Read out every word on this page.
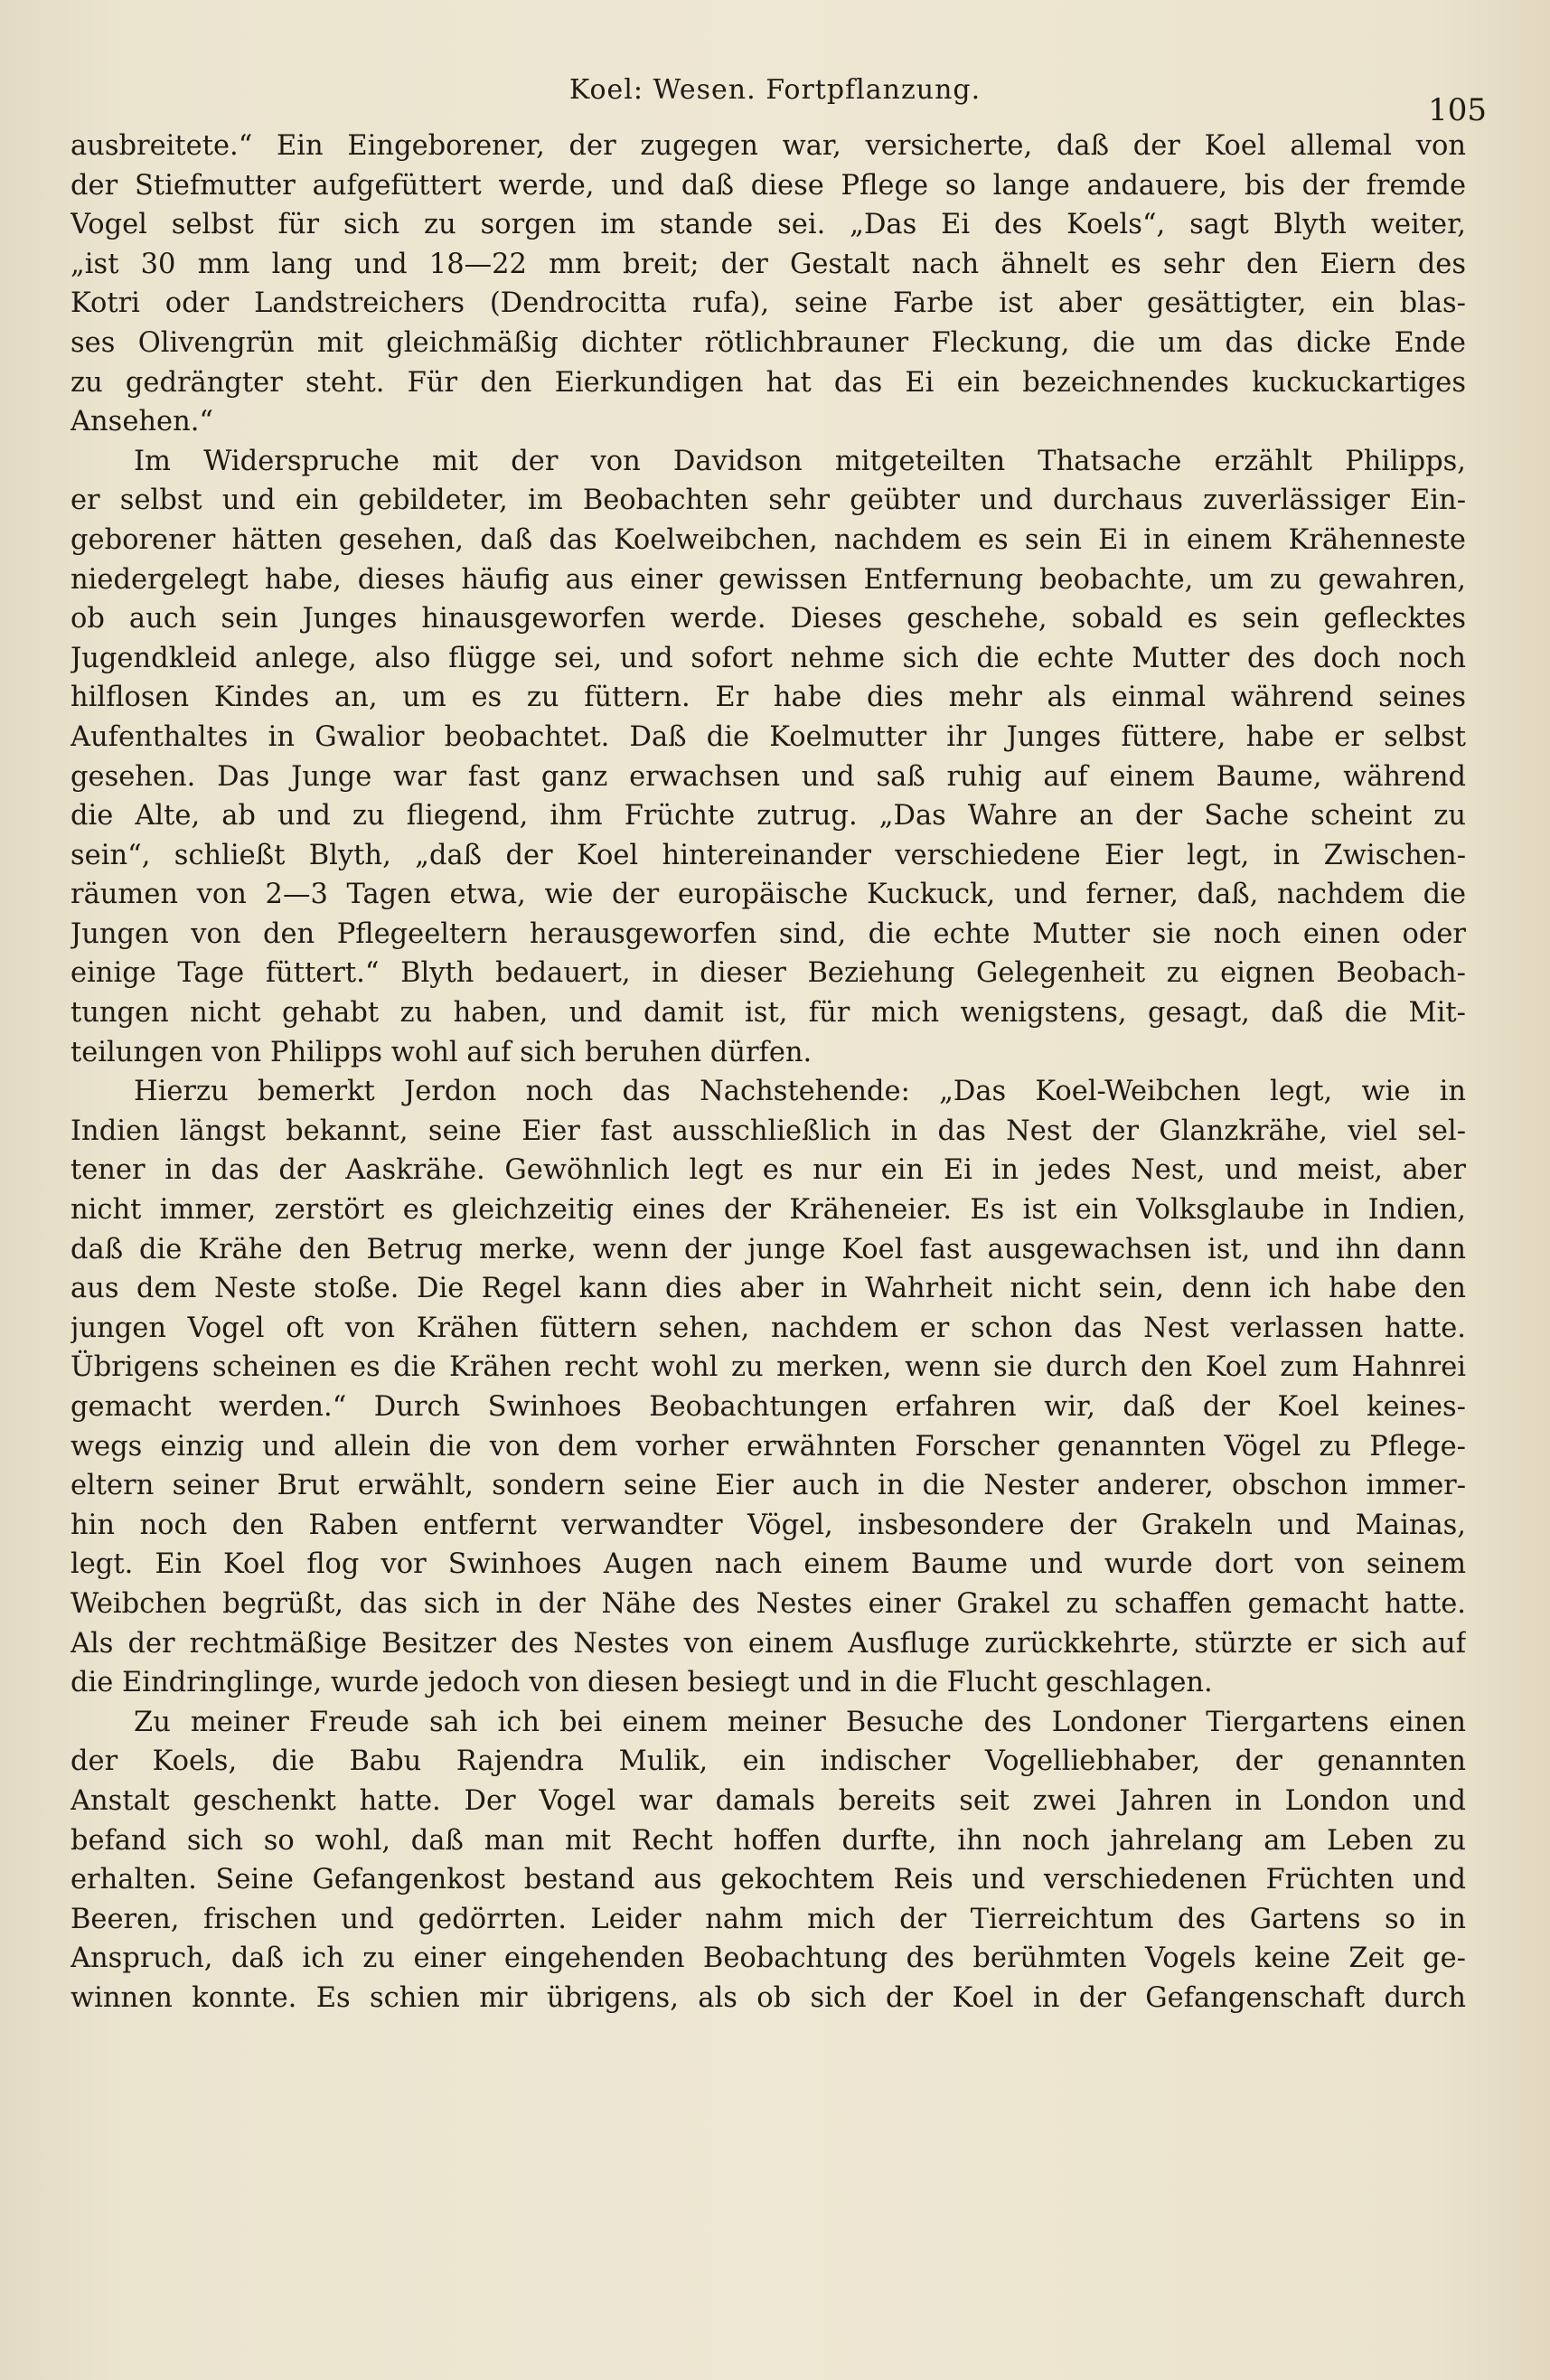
Koel: Wesen. Fortpflanzung.
105
ausbreitete.“ Ein Eingeborener, der zugegen war, versicherte, daß der Koel allemal von
der Stiefmutter aufgefüttert werde, und daß diese Pflege so lange andauere, bis der fremde
Vogel selbst für sich zu sorgen im stande sei. „Das Ei des Koels“, sagt Blyth weiter,
„ist 30 mm lang und 18—22 mm breit; der Gestalt nach ähnelt es sehr den Eiern des
Kotri oder Landstreichers (Dendrocitta rufa), seine Farbe ist aber gesättigter, ein blas-
ses Olivengrün mit gleichmäßig dichter rötlichbrauner Fleckung, die um das dicke Ende
zu gedrängter steht. Für den Eierkundigen hat das Ei ein bezeichnendes kuckuckartiges
Ansehen.“
Im Widerspruche mit der von Davidson mitgeteilten Thatsache erzählt Philipps,
er selbst und ein gebildeter, im Beobachten sehr geübter und durchaus zuverlässiger Ein-
geborener hätten gesehen, daß das Koelweibchen, nachdem es sein Ei in einem Krähenneste
niedergelegt habe, dieses häufig aus einer gewissen Entfernung beobachte, um zu gewahren,
ob auch sein Junges hinausgeworfen werde. Dieses geschehe, sobald es sein geflecktes
Jugendkleid anlege, also flügge sei, und sofort nehme sich die echte Mutter des doch noch
hilflosen Kindes an, um es zu füttern. Er habe dies mehr als einmal während seines
Aufenthaltes in Gwalior beobachtet. Daß die Koelmutter ihr Junges füttere, habe er selbst
gesehen. Das Junge war fast ganz erwachsen und saß ruhig auf einem Baume, während
die Alte, ab und zu fliegend, ihm Früchte zutrug. „Das Wahre an der Sache scheint zu
sein“, schließt Blyth, „daß der Koel hintereinander verschiedene Eier legt, in Zwischen-
räumen von 2—3 Tagen etwa, wie der europäische Kuckuck, und ferner, daß, nachdem die
Jungen von den Pflegeeltern herausgeworfen sind, die echte Mutter sie noch einen oder
einige Tage füttert.“ Blyth bedauert, in dieser Beziehung Gelegenheit zu eignen Beobach-
tungen nicht gehabt zu haben, und damit ist, für mich wenigstens, gesagt, daß die Mit-
teilungen von Philipps wohl auf sich beruhen dürfen.
Hierzu bemerkt Jerdon noch das Nachstehende: „Das Koel-Weibchen legt, wie in
Indien längst bekannt, seine Eier fast ausschließlich in das Nest der Glanzkrähe, viel sel-
tener in das der Aaskrähe. Gewöhnlich legt es nur ein Ei in jedes Nest, und meist, aber
nicht immer, zerstört es gleichzeitig eines der Kräheneier. Es ist ein Volksglaube in Indien,
daß die Krähe den Betrug merke, wenn der junge Koel fast ausgewachsen ist, und ihn dann
aus dem Neste stoße. Die Regel kann dies aber in Wahrheit nicht sein, denn ich habe den
jungen Vogel oft von Krähen füttern sehen, nachdem er schon das Nest verlassen hatte.
Übrigens scheinen es die Krähen recht wohl zu merken, wenn sie durch den Koel zum Hahnrei
gemacht werden.“ Durch Swinhoes Beobachtungen erfahren wir, daß der Koel keines-
wegs einzig und allein die von dem vorher erwähnten Forscher genannten Vögel zu Pflege-
eltern seiner Brut erwählt, sondern seine Eier auch in die Nester anderer, obschon immer-
hin noch den Raben entfernt verwandter Vögel, insbesondere der Grakeln und Mainas,
legt. Ein Koel flog vor Swinhoes Augen nach einem Baume und wurde dort von seinem
Weibchen begrüßt, das sich in der Nähe des Nestes einer Grakel zu schaffen gemacht hatte.
Als der rechtmäßige Besitzer des Nestes von einem Ausfluge zurückkehrte, stürzte er sich auf
die Eindringlinge, wurde jedoch von diesen besiegt und in die Flucht geschlagen.
Zu meiner Freude sah ich bei einem meiner Besuche des Londoner Tiergartens einen
der Koels, die Babu Rajendra Mulik, ein indischer Vogelliebhaber, der genannten
Anstalt geschenkt hatte. Der Vogel war damals bereits seit zwei Jahren in London und
befand sich so wohl, daß man mit Recht hoffen durfte, ihn noch jahrelang am Leben zu
erhalten. Seine Gefangenkost bestand aus gekochtem Reis und verschiedenen Früchten und
Beeren, frischen und gedörrten. Leider nahm mich der Tierreichtum des Gartens so in
Anspruch, daß ich zu einer eingehenden Beobachtung des berühmten Vogels keine Zeit ge-
winnen konnte. Es schien mir übrigens, als ob sich der Koel in der Gefangenschaft durch
